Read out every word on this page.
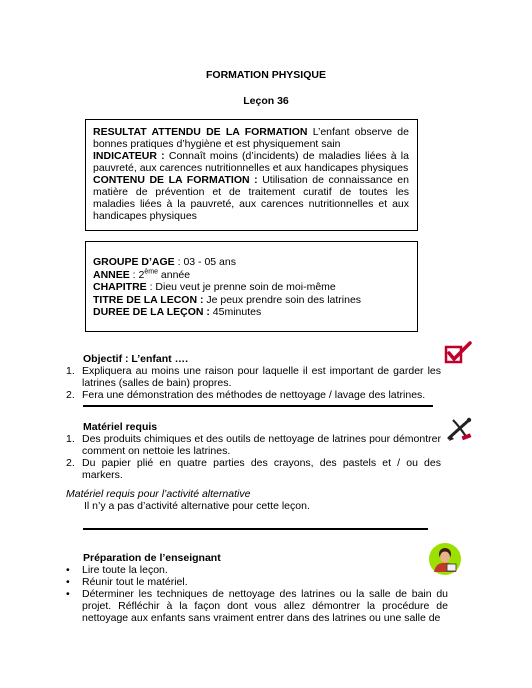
FORMATION PHYSIQUE
Leçon 36
RESULTAT ATTENDU DE LA FORMATION L’enfant observe de bonnes pratiques d’hygiène et est physiquement sain
INDICATEUR : Connaît moins (d’incidents) de maladies liées à la pauvreté, aux carences nutritionnelles et aux handicapes physiques
CONTENU DE LA FORMATION : Utilisation de connaissance en matière de prévention et de traitement curatif de toutes les maladies liées à la pauvreté, aux carences nutritionnelles et aux handicapes physiques
GROUPE D’AGE : 03 - 05 ans
ANNEE : 2ème année
CHAPITRE : Dieu veut je prenne soin de moi-même
TITRE DE LA LECON : Je peux prendre soin des latrines
DUREE DE LA LEÇON : 45minutes
Objectif : L’enfant ….
1. Expliquera au moins une raison pour laquelle il est important de garder les latrines (salles de bain) propres.
2. Fera une démonstration des méthodes de nettoyage / lavage des latrines.
Matériel requis
1. Des produits chimiques et des outils de nettoyage de latrines pour démontrer comment on nettoie les latrines.
2. Du papier plié en quatre parties des crayons, des pastels et / ou des markers.
Matériel requis pour l’activité alternative
Il n’y a pas d’activité alternative pour cette leçon.
Préparation de l’enseignant
• Lire toute la leçon.
• Réunir tout le matériel.
• Déterminer les techniques de nettoyage des latrines ou la salle de bain du projet. Réfléchir à la façon dont vous allez démontrer la procédure de nettoyage aux enfants sans vraiment entrer dans des latrines ou une salle de
